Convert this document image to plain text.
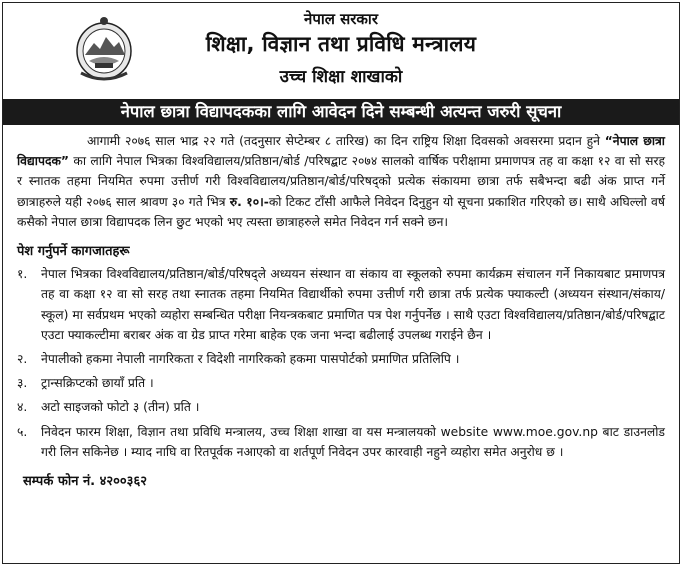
नेपाल सरकार
शिक्षा, विज्ञान तथा प्रविधि मन्त्रालय
उच्च शिक्षा शाखाको
नेपाल छात्रा विद्यापदकका लागि आवेदन दिने सम्बन्धी अत्यन्त जरुरी सूचना

आगामी २०७६ साल भाद्र २२ गते (तदनुसार सेप्टेम्बर ८ तारिख) का दिन राष्ट्रिय शिक्षा दिवसको अवसरमा प्रदान हुने “नेपाल छात्रा विद्यापदक” का लागि नेपाल भित्रका विश्वविद्यालय/प्रतिष्ठान/बोर्ड /परिषद्बाट २०७४ सालको वार्षिक परीक्षामा प्रमाणपत्र तह वा कक्षा १२ वा सो सरह र स्नातक तहमा नियमित रुपमा उत्तीर्ण गरी विश्वविद्यालय/प्रतिष्ठान/बोर्ड/परिषद्को प्रत्येक संकायमा छात्रा तर्फ सबैभन्दा बढी अंक प्राप्त गर्ने छात्राहरुले यही २०७६ साल श्रावण ३० गते भित्र रु. १०।-को टिकट टाँसी आफैले निवेदन दिनुहुन यो सूचना प्रकाशित गरिएको छ। साथै अघिल्लो वर्ष कसैको नेपाल छात्रा विद्यापदक लिन छुट भएको भए त्यस्ता छात्राहरुले समेत निवेदन गर्न सक्ने छन।

पेश गर्नुपर्ने कागजातहरू
१.	नेपाल भित्रका विश्वविद्यालय/प्रतिष्ठान/बोर्ड/परिषद्ले अध्ययन संस्थान वा संकाय वा स्कूलको रुपमा कार्यक्रम संचालन गर्ने निकायबाट प्रमाणपत्र तह वा कक्षा १२ वा सो सरह तथा स्नातक तहमा नियमित विद्यार्थीको रुपमा उत्तीर्ण गरी छात्रा तर्फ प्रत्येक फ्याकल्टी (अध्ययन संस्थान/संकाय/स्कूल) मा सर्वप्रथम भएको व्यहोरा सम्बन्धित परीक्षा नियन्त्रकबाट प्रमाणित पत्र पेश गर्नुपर्नेछ । साथै एउटा विश्वविद्यालय/प्रतिष्ठान/बोर्ड/परिषद्बाट एउटा फ्याकल्टीमा बराबर अंक वा ग्रेड प्राप्त गरेमा बाहेक एक जना भन्दा बढीलाई उपलब्ध गराईने छैन ।
२.	नेपालीको हकमा नेपाली नागरिकता र विदेशी नागरिकको हकमा पासपोर्टको प्रमाणित प्रतिलिपि ।
३.	ट्रान्सक्रिप्टको छायाँ प्रति ।
४.	अटो साइजको फोटो ३ (तीन) प्रति ।
५.	निवेदन फारम शिक्षा, विज्ञान तथा प्रविधि मन्त्रालय, उच्च शिक्षा शाखा वा यस मन्त्रालयको website www.moe.gov.np बाट डाउनलोड गरी लिन सकिनेछ । म्याद नाघि वा रितपूर्वक नआएको वा शर्तपूर्ण निवेदन उपर कारवाही नहुने व्यहोरा समेत अनुरोध छ ।
सम्पर्क फोन नं. ४२००३६२
